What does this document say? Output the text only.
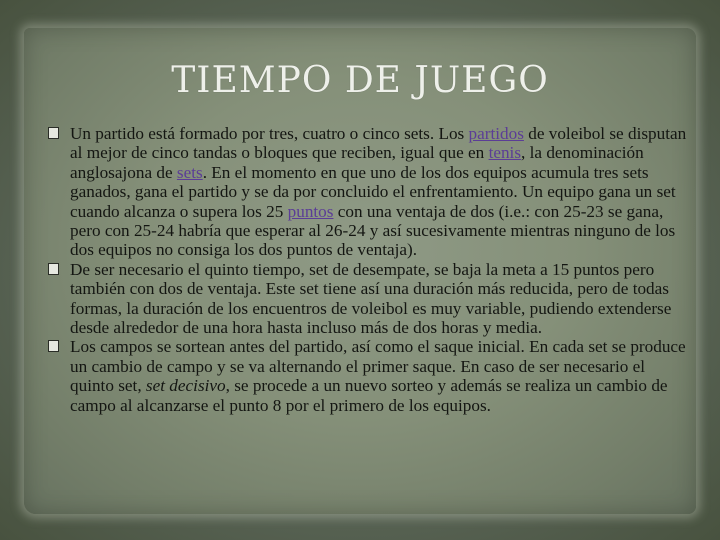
TIEMPO DE JUEGO

Un partido está formado por tres, cuatro o cinco sets. Los partidos de voleibol se disputan al mejor de cinco tandas o bloques que reciben, igual que en tenis, la denominación anglosajona de sets. En el momento en que uno de los dos equipos acumula tres sets ganados, gana el partido y se da por concluido el enfrentamiento. Un equipo gana un set cuando alcanza o supera los 25 puntos con una ventaja de dos (i.e.: con 25-23 se gana, pero con 25-24 habría que esperar al 26-24 y así sucesivamente mientras ninguno de los dos equipos no consiga los dos puntos de ventaja).

De ser necesario el quinto tiempo, set de desempate, se baja la meta a 15 puntos pero también con dos de ventaja. Este set tiene así una duración más reducida, pero de todas formas, la duración de los encuentros de voleibol es muy variable, pudiendo extenderse desde alrededor de una hora hasta incluso más de dos horas y media.

Los campos se sortean antes del partido, así como el saque inicial. En cada set se produce un cambio de campo y se va alternando el primer saque. En caso de ser necesario el quinto set, set decisivo, se procede a un nuevo sorteo y además se realiza un cambio de campo al alcanzarse el punto 8 por el primero de los equipos.
